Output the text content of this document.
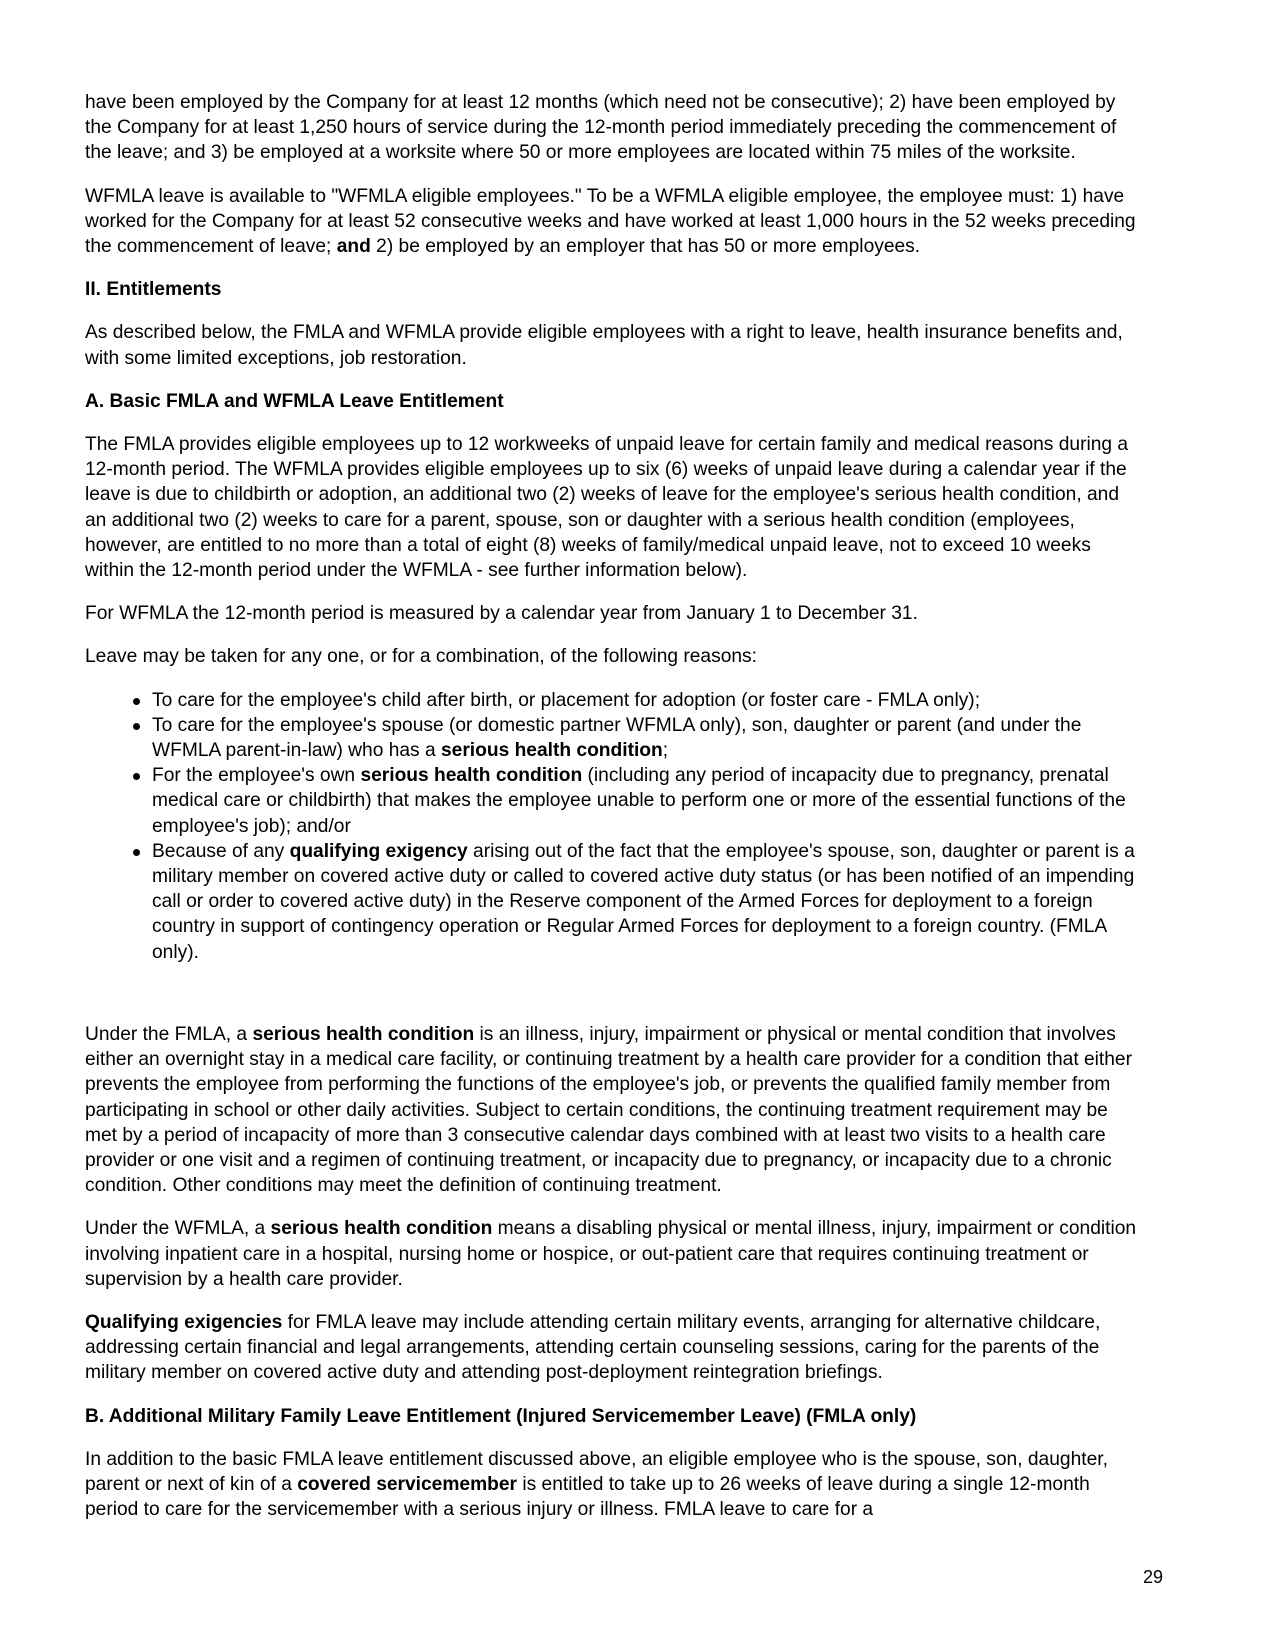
have been employed by the Company for at least 12 months (which need not be consecutive); 2) have been employed by the Company for at least 1,250 hours of service during the 12-month period immediately preceding the commencement of the leave; and 3) be employed at a worksite where 50 or more employees are located within 75 miles of the worksite.

WFMLA leave is available to "WFMLA eligible employees." To be a WFMLA eligible employee, the employee must: 1) have worked for the Company for at least 52 consecutive weeks and have worked at least 1,000 hours in the 52 weeks preceding the commencement of leave; and 2) be employed by an employer that has 50 or more employees.

II. Entitlements

As described below, the FMLA and WFMLA provide eligible employees with a right to leave, health insurance benefits and, with some limited exceptions, job restoration.

A. Basic FMLA and WFMLA Leave Entitlement

The FMLA provides eligible employees up to 12 workweeks of unpaid leave for certain family and medical reasons during a 12-month period. The WFMLA provides eligible employees up to six (6) weeks of unpaid leave during a calendar year if the leave is due to childbirth or adoption, an additional two (2) weeks of leave for the employee's serious health condition, and an additional two (2) weeks to care for a parent, spouse, son or daughter with a serious health condition (employees, however, are entitled to no more than a total of eight (8) weeks of family/medical unpaid leave, not to exceed 10 weeks within the 12-month period under the WFMLA - see further information below).

For WFMLA the 12-month period is measured by a calendar year from January 1 to December 31.

Leave may be taken for any one, or for a combination, of the following reasons:

To care for the employee's child after birth, or placement for adoption (or foster care - FMLA only);
To care for the employee's spouse (or domestic partner WFMLA only), son, daughter or parent (and under the WFMLA parent-in-law) who has a serious health condition;
For the employee's own serious health condition (including any period of incapacity due to pregnancy, prenatal medical care or childbirth) that makes the employee unable to perform one or more of the essential functions of the employee's job); and/or
Because of any qualifying exigency arising out of the fact that the employee's spouse, son, daughter or parent is a military member on covered active duty or called to covered active duty status (or has been notified of an impending call or order to covered active duty) in the Reserve component of the Armed Forces for deployment to a foreign country in support of contingency operation or Regular Armed Forces for deployment to a foreign country. (FMLA only).

Under the FMLA, a serious health condition is an illness, injury, impairment or physical or mental condition that involves either an overnight stay in a medical care facility, or continuing treatment by a health care provider for a condition that either prevents the employee from performing the functions of the employee's job, or prevents the qualified family member from participating in school or other daily activities. Subject to certain conditions, the continuing treatment requirement may be met by a period of incapacity of more than 3 consecutive calendar days combined with at least two visits to a health care provider or one visit and a regimen of continuing treatment, or incapacity due to pregnancy, or incapacity due to a chronic condition. Other conditions may meet the definition of continuing treatment.

Under the WFMLA, a serious health condition means a disabling physical or mental illness, injury, impairment or condition involving inpatient care in a hospital, nursing home or hospice, or out-patient care that requires continuing treatment or supervision by a health care provider.

Qualifying exigencies for FMLA leave may include attending certain military events, arranging for alternative childcare, addressing certain financial and legal arrangements, attending certain counseling sessions, caring for the parents of the military member on covered active duty and attending post-deployment reintegration briefings.

B. Additional Military Family Leave Entitlement (Injured Servicemember Leave) (FMLA only)

In addition to the basic FMLA leave entitlement discussed above, an eligible employee who is the spouse, son, daughter, parent or next of kin of a covered servicemember is entitled to take up to 26 weeks of leave during a single 12-month period to care for the servicemember with a serious injury or illness. FMLA leave to care for a

29
